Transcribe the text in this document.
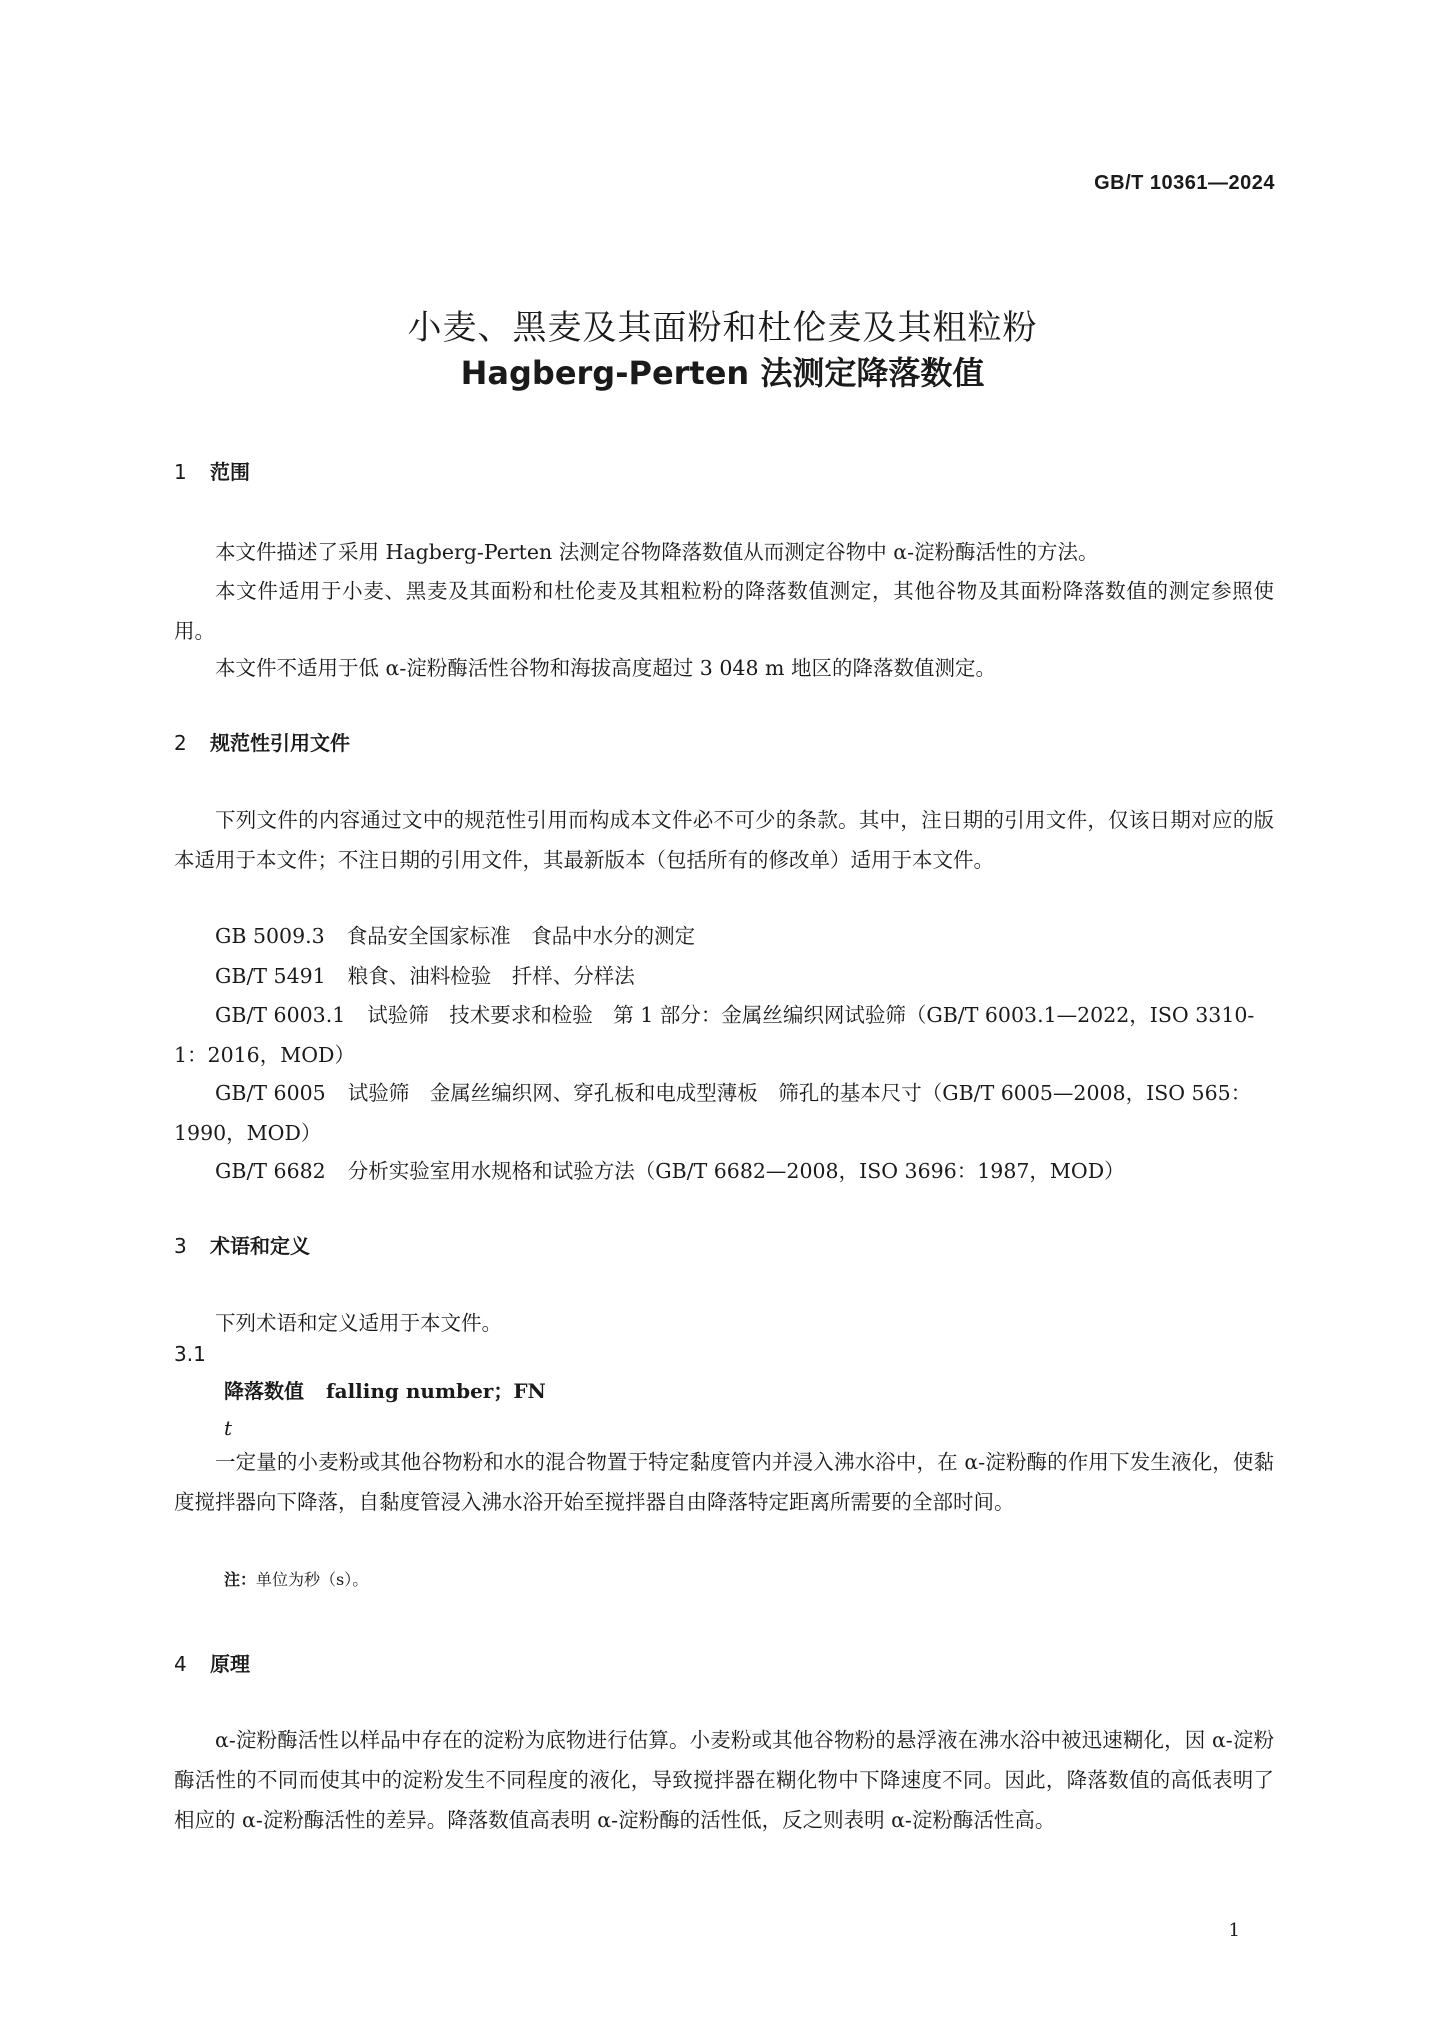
GB/T 10361—2024
小麦、黑麦及其面粉和杜伦麦及其粗粒粉
Hagberg-Perten 法测定降落数值
1 范围
本文件描述了采用 Hagberg-Perten 法测定谷物降落数值从而测定谷物中 α-淀粉酶活性的方法。
本文件适用于小麦、黑麦及其面粉和杜伦麦及其粗粒粉的降落数值测定，其他谷物及其面粉降落数值的测定参照使用。
本文件不适用于低 α-淀粉酶活性谷物和海拔高度超过 3 048 m 地区的降落数值测定。
2 规范性引用文件
下列文件的内容通过文中的规范性引用而构成本文件必不可少的条款。其中，注日期的引用文件，仅该日期对应的版本适用于本文件；不注日期的引用文件，其最新版本（包括所有的修改单）适用于本文件。
GB 5009.3 食品安全国家标准　食品中水分的测定
GB/T 5491 粮食、油料检验　扦样、分样法
GB/T 6003.1 试验筛　技术要求和检验　第 1 部分：金属丝编织网试验筛（GB/T 6003.1—2022，ISO 3310-1：2016，MOD）
GB/T 6005 试验筛　金属丝编织网、穿孔板和电成型薄板　筛孔的基本尺寸（GB/T 6005—2008，ISO 565：1990，MOD）
GB/T 6682 分析实验室用水规格和试验方法（GB/T 6682—2008，ISO 3696：1987，MOD）
3 术语和定义
下列术语和定义适用于本文件。
3.1
降落数值 falling number；FN
t
一定量的小麦粉或其他谷物粉和水的混合物置于特定黏度管内并浸入沸水浴中，在 α-淀粉酶的作用下发生液化，使黏度搅拌器向下降落，自黏度管浸入沸水浴开始至搅拌器自由降落特定距离所需要的全部时间。
注：单位为秒（s）。
4 原理
α-淀粉酶活性以样品中存在的淀粉为底物进行估算。小麦粉或其他谷物粉的悬浮液在沸水浴中被迅速糊化，因 α-淀粉酶活性的不同而使其中的淀粉发生不同程度的液化，导致搅拌器在糊化物中下降速度不同。因此，降落数值的高低表明了相应的 α-淀粉酶活性的差异。降落数值高表明 α-淀粉酶的活性低，反之则表明 α-淀粉酶活性高。
1
